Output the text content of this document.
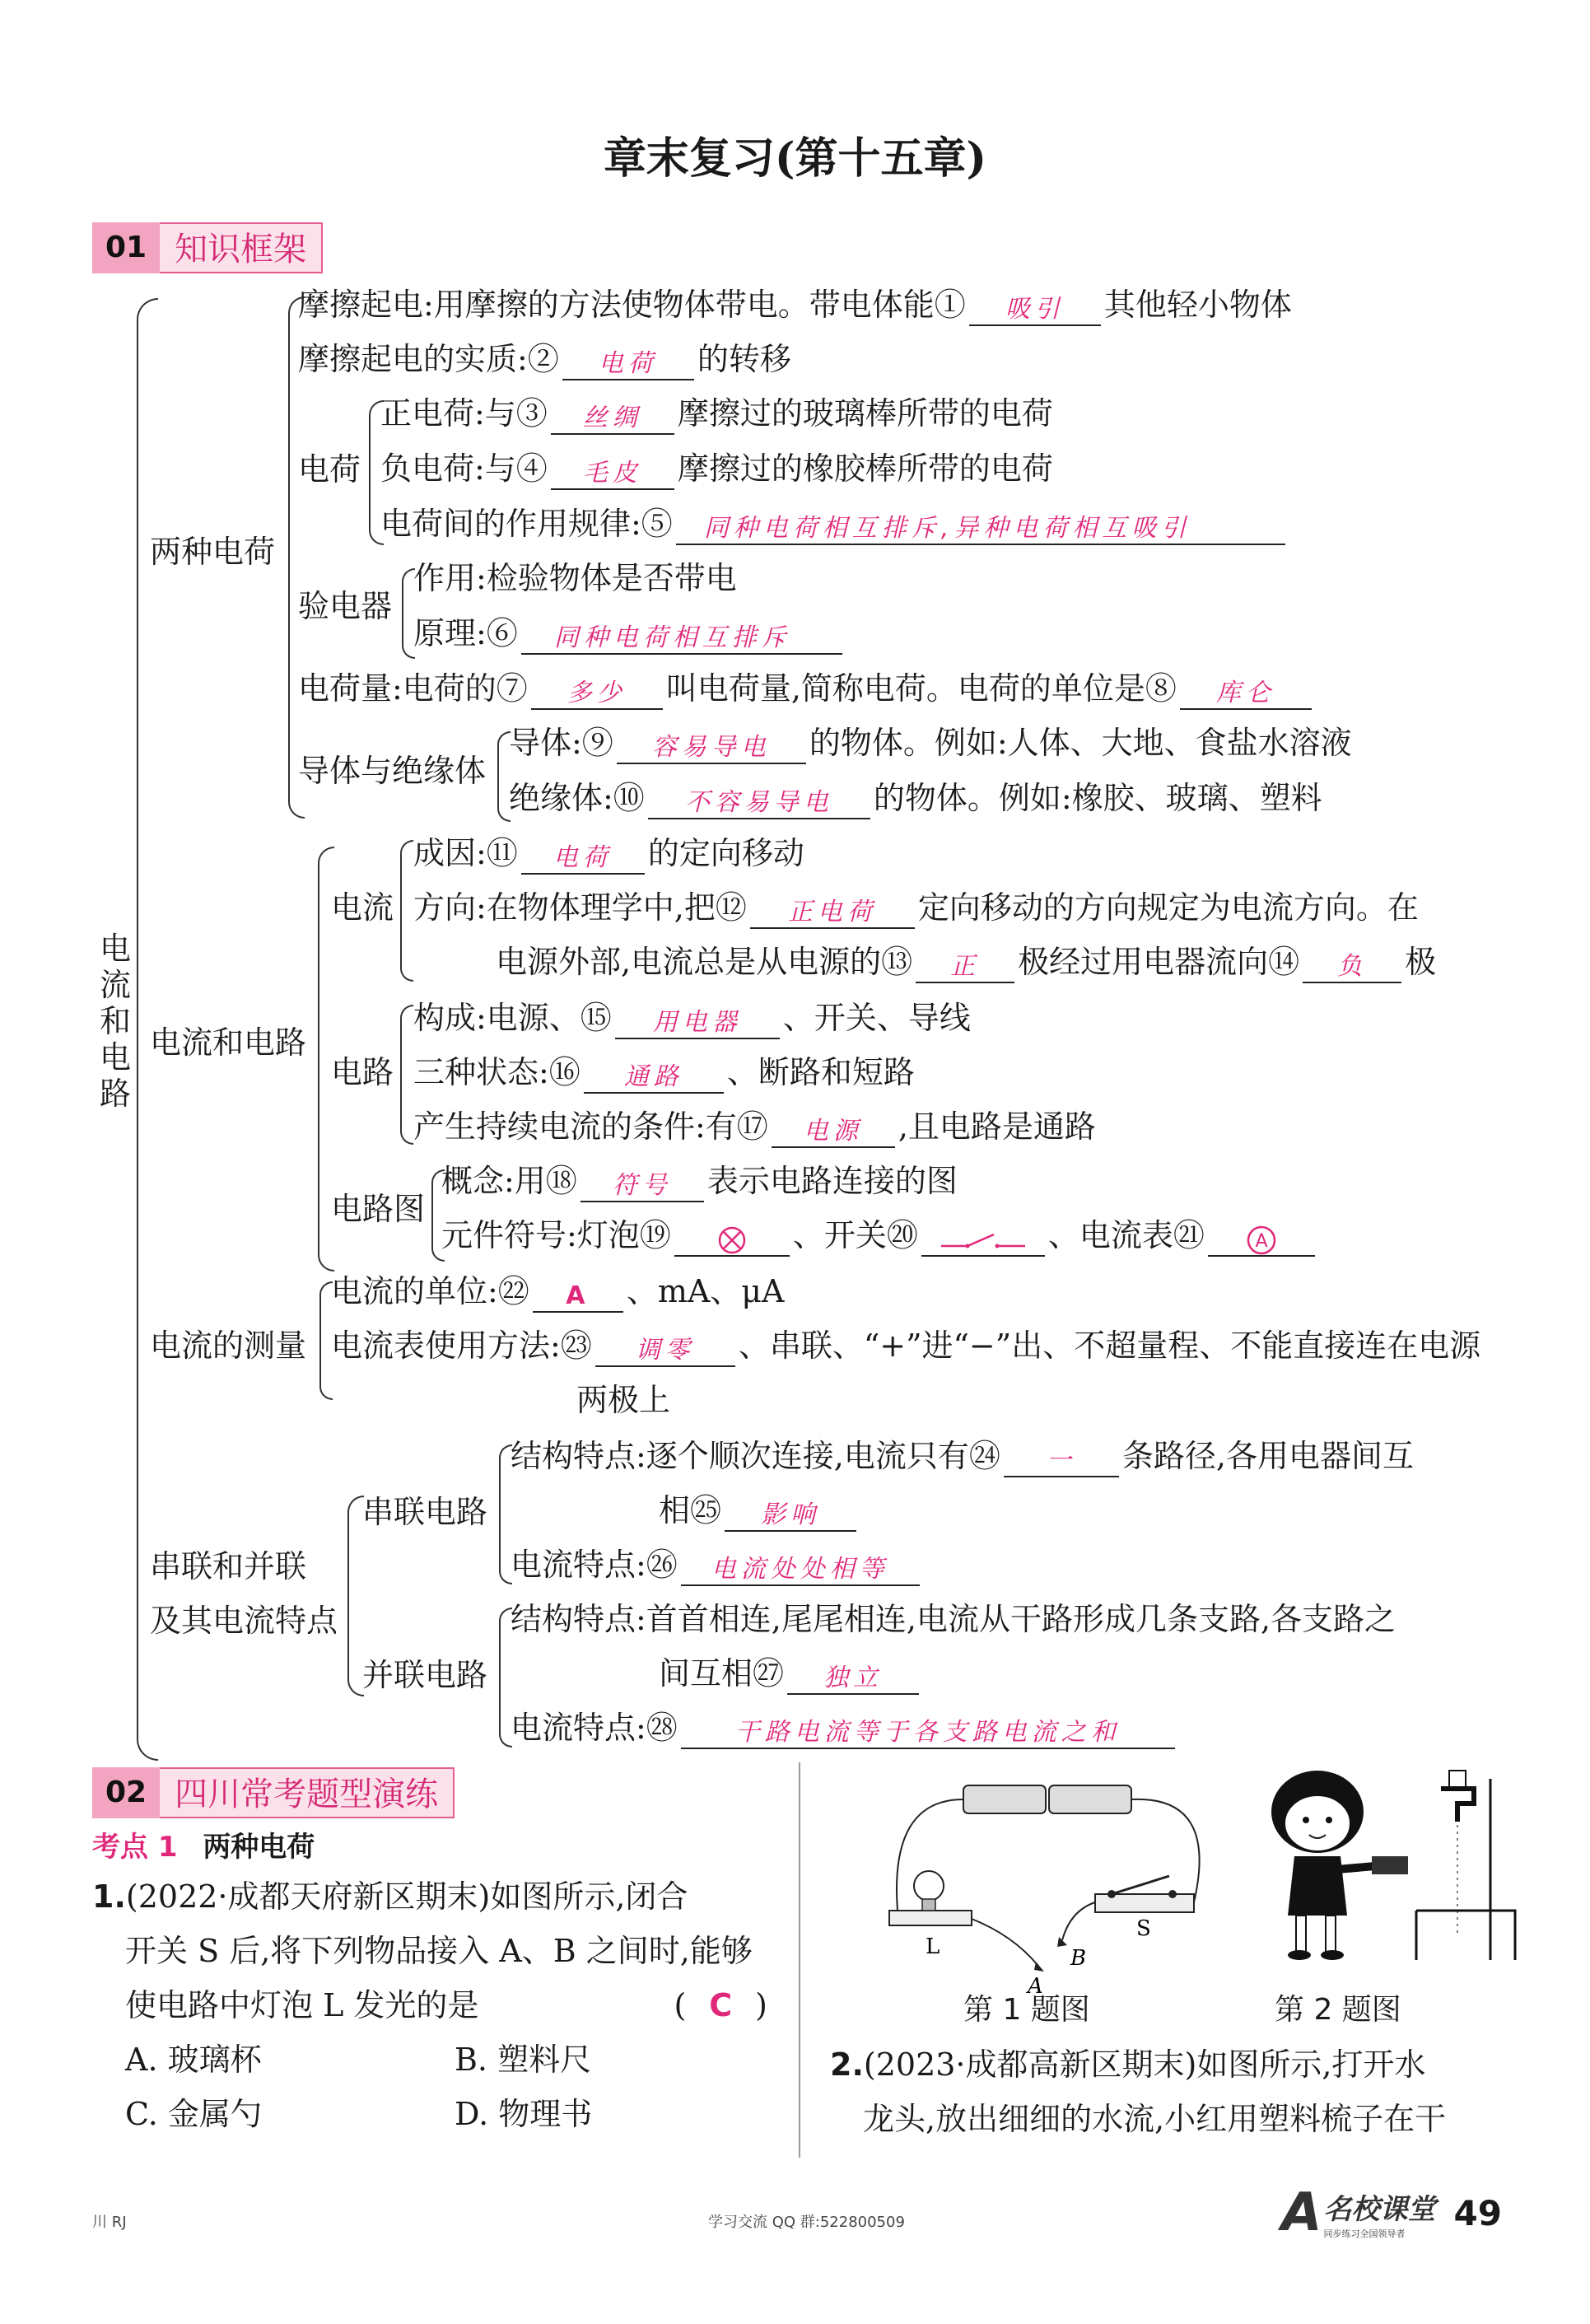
章末复习(第十五章)
01 知识框架
电流和电路
两种电荷
摩擦起电:用摩擦的方法使物体带电。带电体能① 吸引 其他轻小物体
摩擦起电的实质:② 电荷 的转移
电荷
正电荷:与③ 丝绸 摩擦过的玻璃棒所带的电荷
负电荷:与④ 毛皮 摩擦过的橡胶棒所带的电荷
电荷间的作用规律:⑤ 同种电荷相互排斥,异种电荷相互吸引
验电器
作用:检验物体是否带电
原理:⑥ 同种电荷相互排斥
电荷量:电荷的⑦ 多少 叫电荷量,简称电荷。电荷的单位是⑧ 库仑
导体与绝缘体
导体:⑨ 容易导电 的物体。例如:人体、大地、食盐水溶液
绝缘体:⑩ 不容易导电 的物体。例如:橡胶、玻璃、塑料
电流和电路
电流
成因:⑪ 电荷 的定向移动
方向:在物体理学中,把⑫ 正电荷 定向移动的方向规定为电流方向。在
电源外部,电流总是从电源的⑬ 正 极经过用电器流向⑭ 负 极
电路
构成:电源、⑮ 用电器 、开关、导线
三种状态:⑯ 通路 、断路和短路
产生持续电流的条件:有⑰ 电源 ,且电路是通路
电路图
概念:用⑱ 符号 表示电路连接的图
元件符号:灯泡⑲	、开关⑳	、电流表㉑	A
电流的测量
电流的单位:㉒ A 、mA、μA
电流表使用方法:㉓ 调零 、串联、“+”进“−”出、不超量程、不能直接连在电源
两极上
串联和并联
及其电流特点
串联电路
结构特点:逐个顺次连接,电流只有㉔ 一 条路径,各用电器间互
相㉕ 影响
电流特点:㉖ 电流处处相等
并联电路
结构特点:首首相连,尾尾相连,电流从干路形成几条支路,各支路之
间互相㉗ 独立
电流特点:㉘ 干路电流等于各支路电流之和
02 四川常考题型演练
考点 1 两种电荷
1.(2022·成都天府新区期末)如图所示,闭合
开关 S 后,将下列物品接入 A、B 之间时,能够
使电路中灯泡 L 发光的是	( C )
A. 玻璃杯	B. 塑料尺
C. 金属勺	D. 物理书
L
S
A
B
第 1 题图	第 2 题图
2.(2023·成都高新区期末)如图所示,打开水
龙头,放出细细的水流,小红用塑料梳子在干
川 RJ	学习交流 QQ 群:522800509	A 名校课堂
同步练习全国领导者
49
